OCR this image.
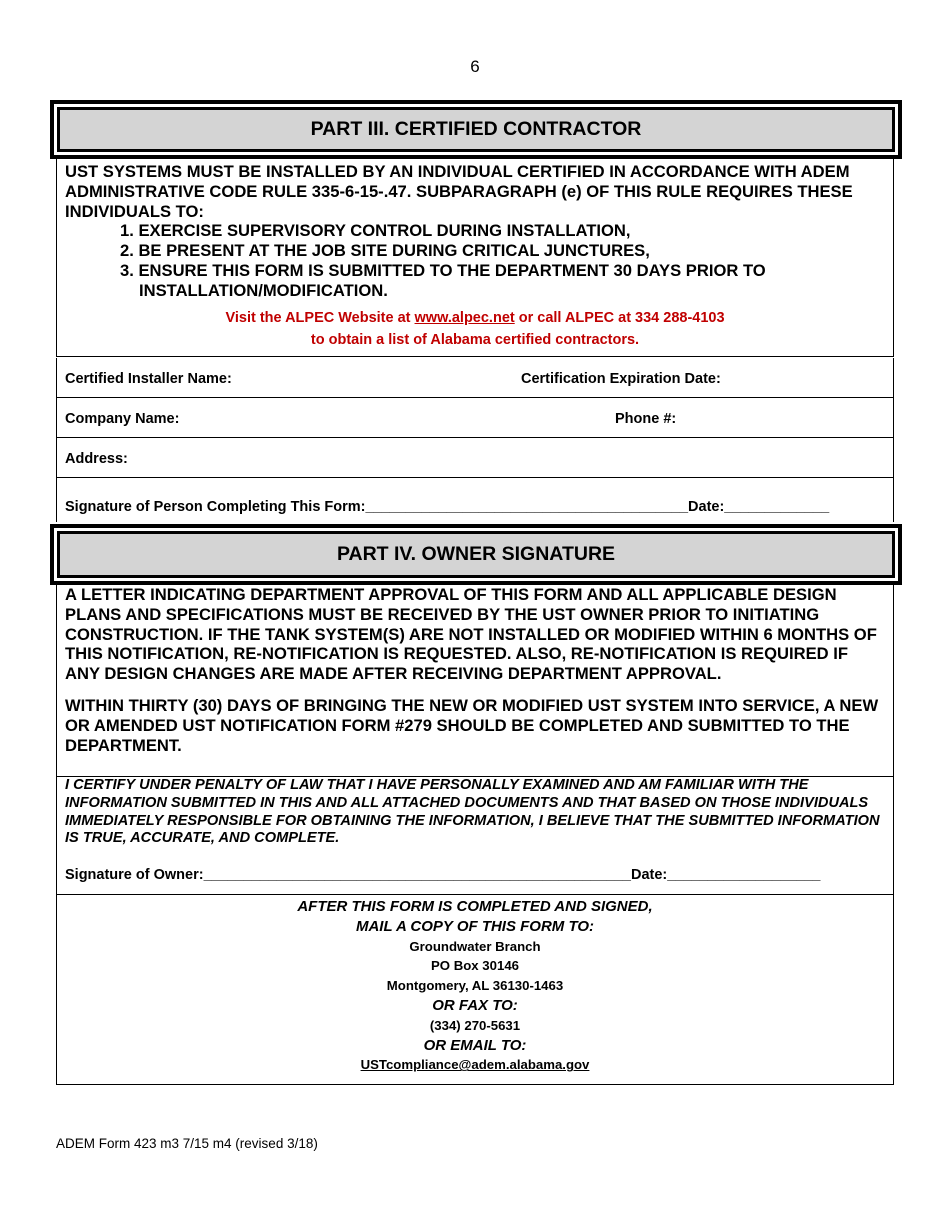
6
PART III. CERTIFIED CONTRACTOR
UST SYSTEMS MUST BE INSTALLED BY AN INDIVIDUAL CERTIFIED IN ACCORDANCE WITH ADEM ADMINISTRATIVE CODE RULE 335-6-15-.47. SUBPARAGRAPH (e) OF THIS RULE REQUIRES THESE INDIVIDUALS TO:
1. EXERCISE SUPERVISORY CONTROL DURING INSTALLATION,
2. BE PRESENT AT THE JOB SITE DURING CRITICAL JUNCTURES,
3. ENSURE THIS FORM IS SUBMITTED TO THE DEPARTMENT 30 DAYS PRIOR TO INSTALLATION/MODIFICATION.
Visit the ALPEC Website at www.alpec.net or call ALPEC at 334 288-4103
to obtain a list of Alabama certified contractors.
Certified Installer Name:	Certification Expiration Date:
Company Name:	Phone #:
Address:
Signature of Person Completing This Form:________________________________________Date:_____________
PART IV. OWNER SIGNATURE
A LETTER INDICATING DEPARTMENT APPROVAL OF THIS FORM AND ALL APPLICABLE DESIGN PLANS AND SPECIFICATIONS MUST BE RECEIVED BY THE UST OWNER PRIOR TO INITIATING CONSTRUCTION. IF THE TANK SYSTEM(S) ARE NOT INSTALLED OR MODIFIED WITHIN 6 MONTHS OF THIS NOTIFICATION, RE-NOTIFICATION IS REQUESTED. ALSO, RE-NOTIFICATION IS REQUIRED IF ANY DESIGN CHANGES ARE MADE AFTER RECEIVING DEPARTMENT APPROVAL.
WITHIN THIRTY (30) DAYS OF BRINGING THE NEW OR MODIFIED UST SYSTEM INTO SERVICE, A NEW OR AMENDED UST NOTIFICATION FORM #279 SHOULD BE COMPLETED AND SUBMITTED TO THE DEPARTMENT.
I CERTIFY UNDER PENALTY OF LAW THAT I HAVE PERSONALLY EXAMINED AND AM FAMILIAR WITH THE INFORMATION SUBMITTED IN THIS AND ALL ATTACHED DOCUMENTS AND THAT BASED ON THOSE INDIVIDUALS IMMEDIATELY RESPONSIBLE FOR OBTAINING THE INFORMATION, I BELIEVE THAT THE SUBMITTED INFORMATION IS TRUE, ACCURATE, AND COMPLETE.
Signature of Owner:_____________________________________________________Date:___________________
AFTER THIS FORM IS COMPLETED AND SIGNED,
MAIL A COPY OF THIS FORM TO:
Groundwater Branch
PO Box 30146
Montgomery, AL 36130-1463
OR FAX TO:
(334) 270-5631
OR EMAIL TO:
USTcompliance@adem.alabama.gov
ADEM Form 423 m3 7/15 m4 (revised 3/18)
